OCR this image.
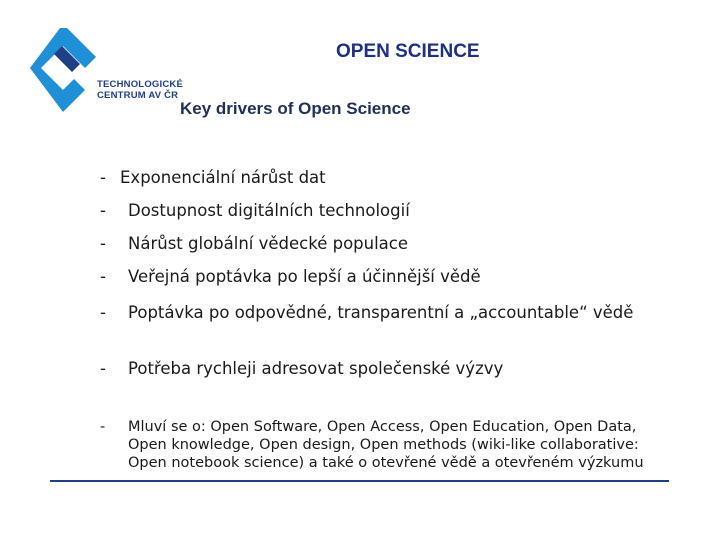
TECHNOLOGICKÉ
CENTRUM AV ČR
OPEN SCIENCE
Key drivers of Open Science
- Exponenciální nárůst dat
- Dostupnost digitálních technologií
- Nárůst globální vědecké populace
- Veřejná poptávka po lepší a účinnější vědě
- Poptávka po odpovědné, transparentní a „accountable“ vědě
- Potřeba rychleji adresovat společenské výzvy
- Mluví se o: Open Software, Open Access, Open Education, Open Data, Open knowledge, Open design, Open methods (wiki-like collaborative: Open notebook science) a také o otevřené vědě a otevřeném výzkumu
